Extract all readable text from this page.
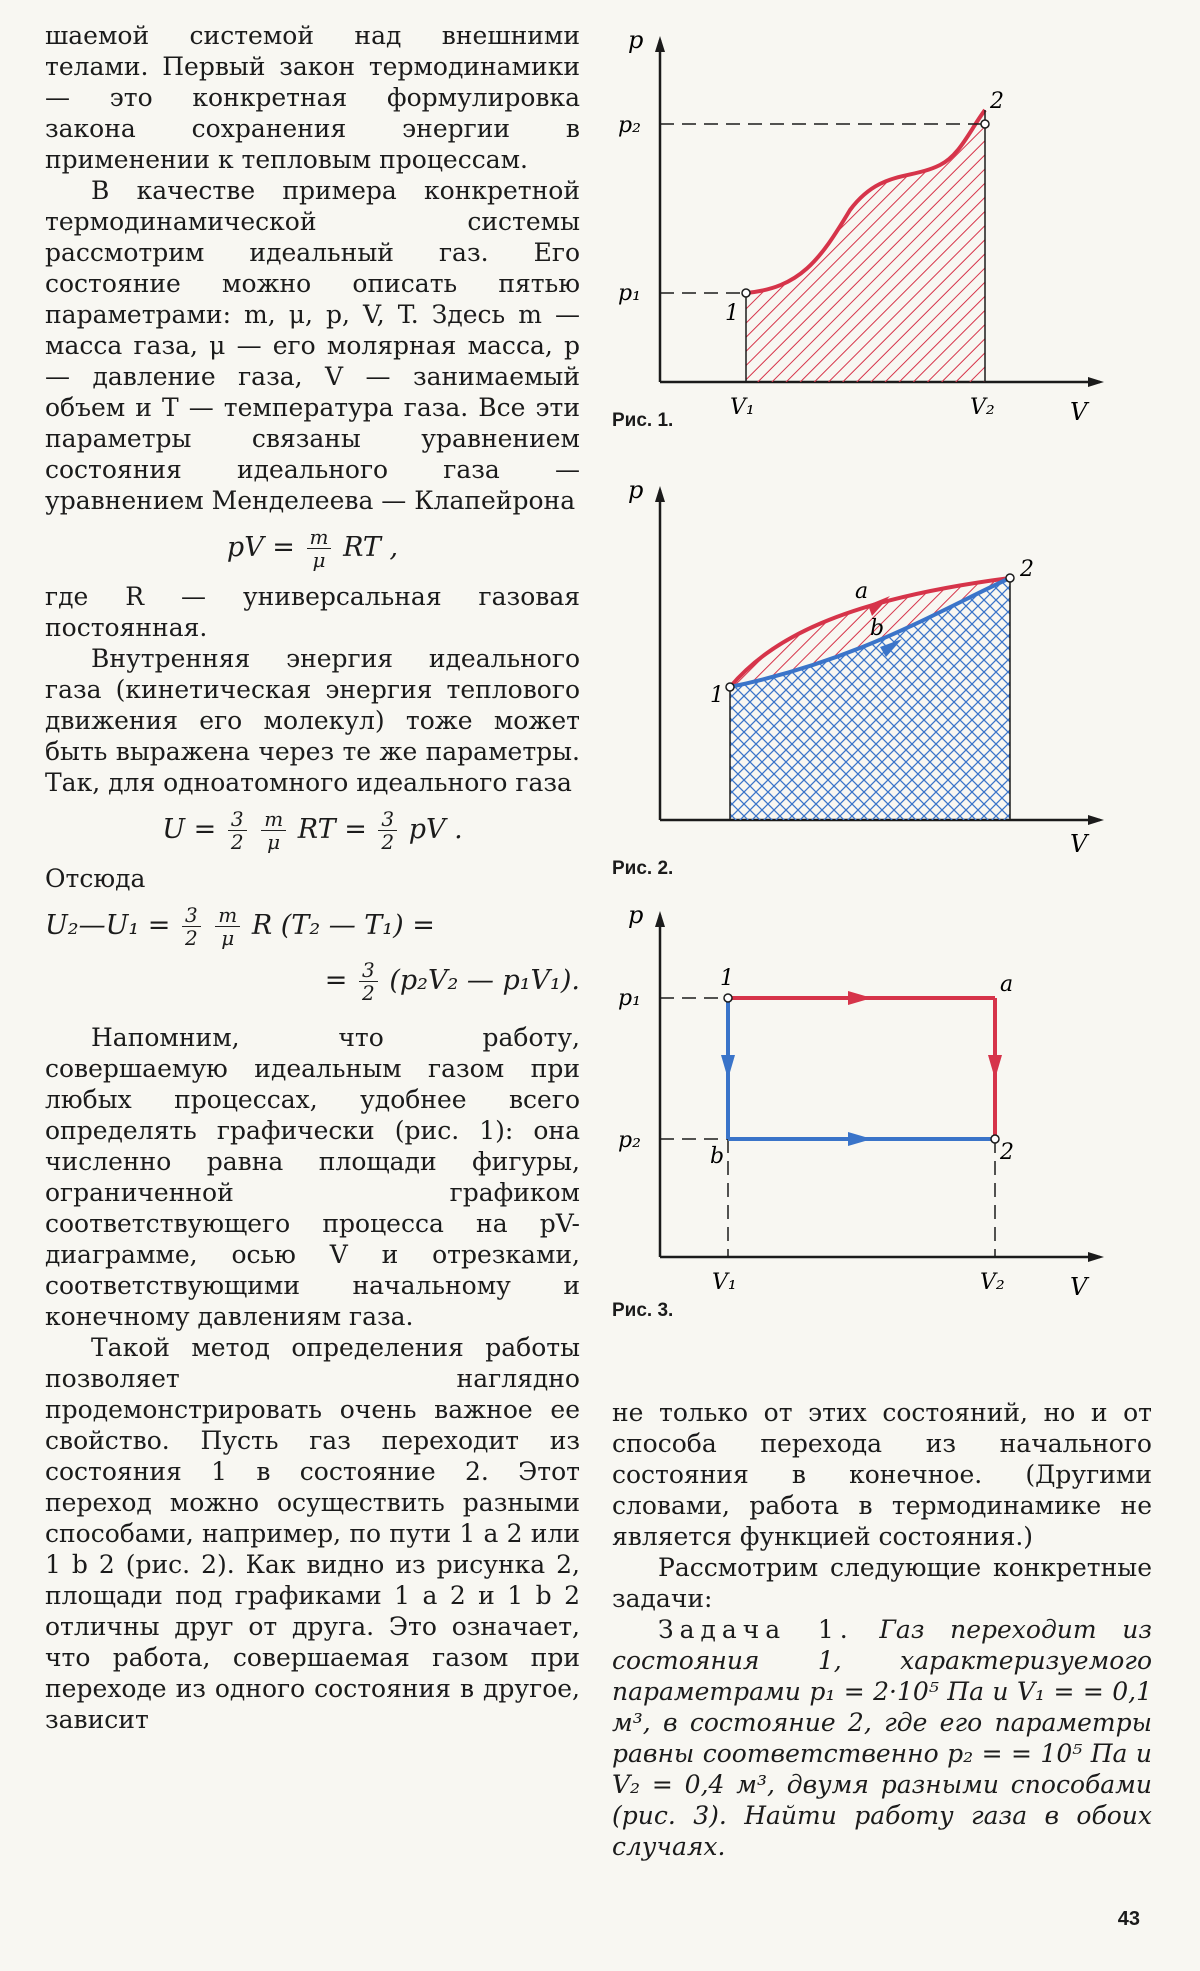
шаемой системой над внешними телами. Первый закон термодинамики — это конкретная формулировка закона сохранения энергии в применении к тепловым процессам.

В качестве примера конкретной термодинамической системы рассмотрим идеальный газ. Его состояние можно описать пятью параметрами: m, μ, p, V, T. Здесь m — масса газа, μ — его молярная масса, p — давление газа, V — занимаемый объем и T — температура газа. Все эти параметры связаны уравнением состояния идеального газа — уравнением Менделеева — Клапейрона

pV = $\frac{m}{\mu}$ RT ,

где R — универсальная газовая постоянная.

Внутренняя энергия идеального газа (кинетическая энергия теплового движения его молекул) тоже может быть выражена через те же параметры. Так, для одноатомного идеального газа

$U = \frac{3}{2}$
$\frac{m}{\mu}$ RT = $\frac{3}{2}$ pV .

Отсюда

U₂—U₁ = $\frac{3}{2}$
$\frac{m}{\mu}$ R (T₂ — T₁) =
= $\frac{3}{2} (p_2V_2$ — p₁V₁).

Напомним, что работу, совершаемую идеальным газом при любых процессах, удобнее всего определять графически (рис. 1): она численно равна площади фигуры, ограниченной графиком соответствующего процесса на pV-диаграмме, осью V и отрезками, соответствующими начальному и конечному давлениям газа.

Такой метод определения работы позволяет наглядно продемонстрировать очень важное ее свойство. Пусть газ переходит из состояния 1 в состояние 2. Этот переход можно осуществить разными способами, например, по пути 1 a 2 или 1 b 2 (рис. 2). Как видно из рисунка 2, площади под графиками 1 a 2 и 1 b 2 отличны друг от друга. Это означает, что работа, совершаемая газом при переходе из одного состояния в другое, зависит

p
V
p₁
p₂
V₁	V₂
1
2
Рис. 1.
p
V
1
2
a
b
Рис. 2.
p
V
p₁
p₂
V₁	V₂
1
2
a
b
Рис. 3.

не только от этих состояний, но и от способа перехода из начального состояния в конечное. (Другими словами, работа в термодинамике не является функцией состояния.)

Рассмотрим следующие конкретные задачи:

Задача 1. Газ переходит из состояния 1, характеризуемого параметрами p₁ = 2·10⁵ Па и V₁ = = 0,1 м³, в состояние 2, где его параметры равны соответственно p₂ = = 10⁵ Па и V₂ = 0,4 м³, двумя разными способами (рис. 3). Найти работу газа в обоих случаях.

43
